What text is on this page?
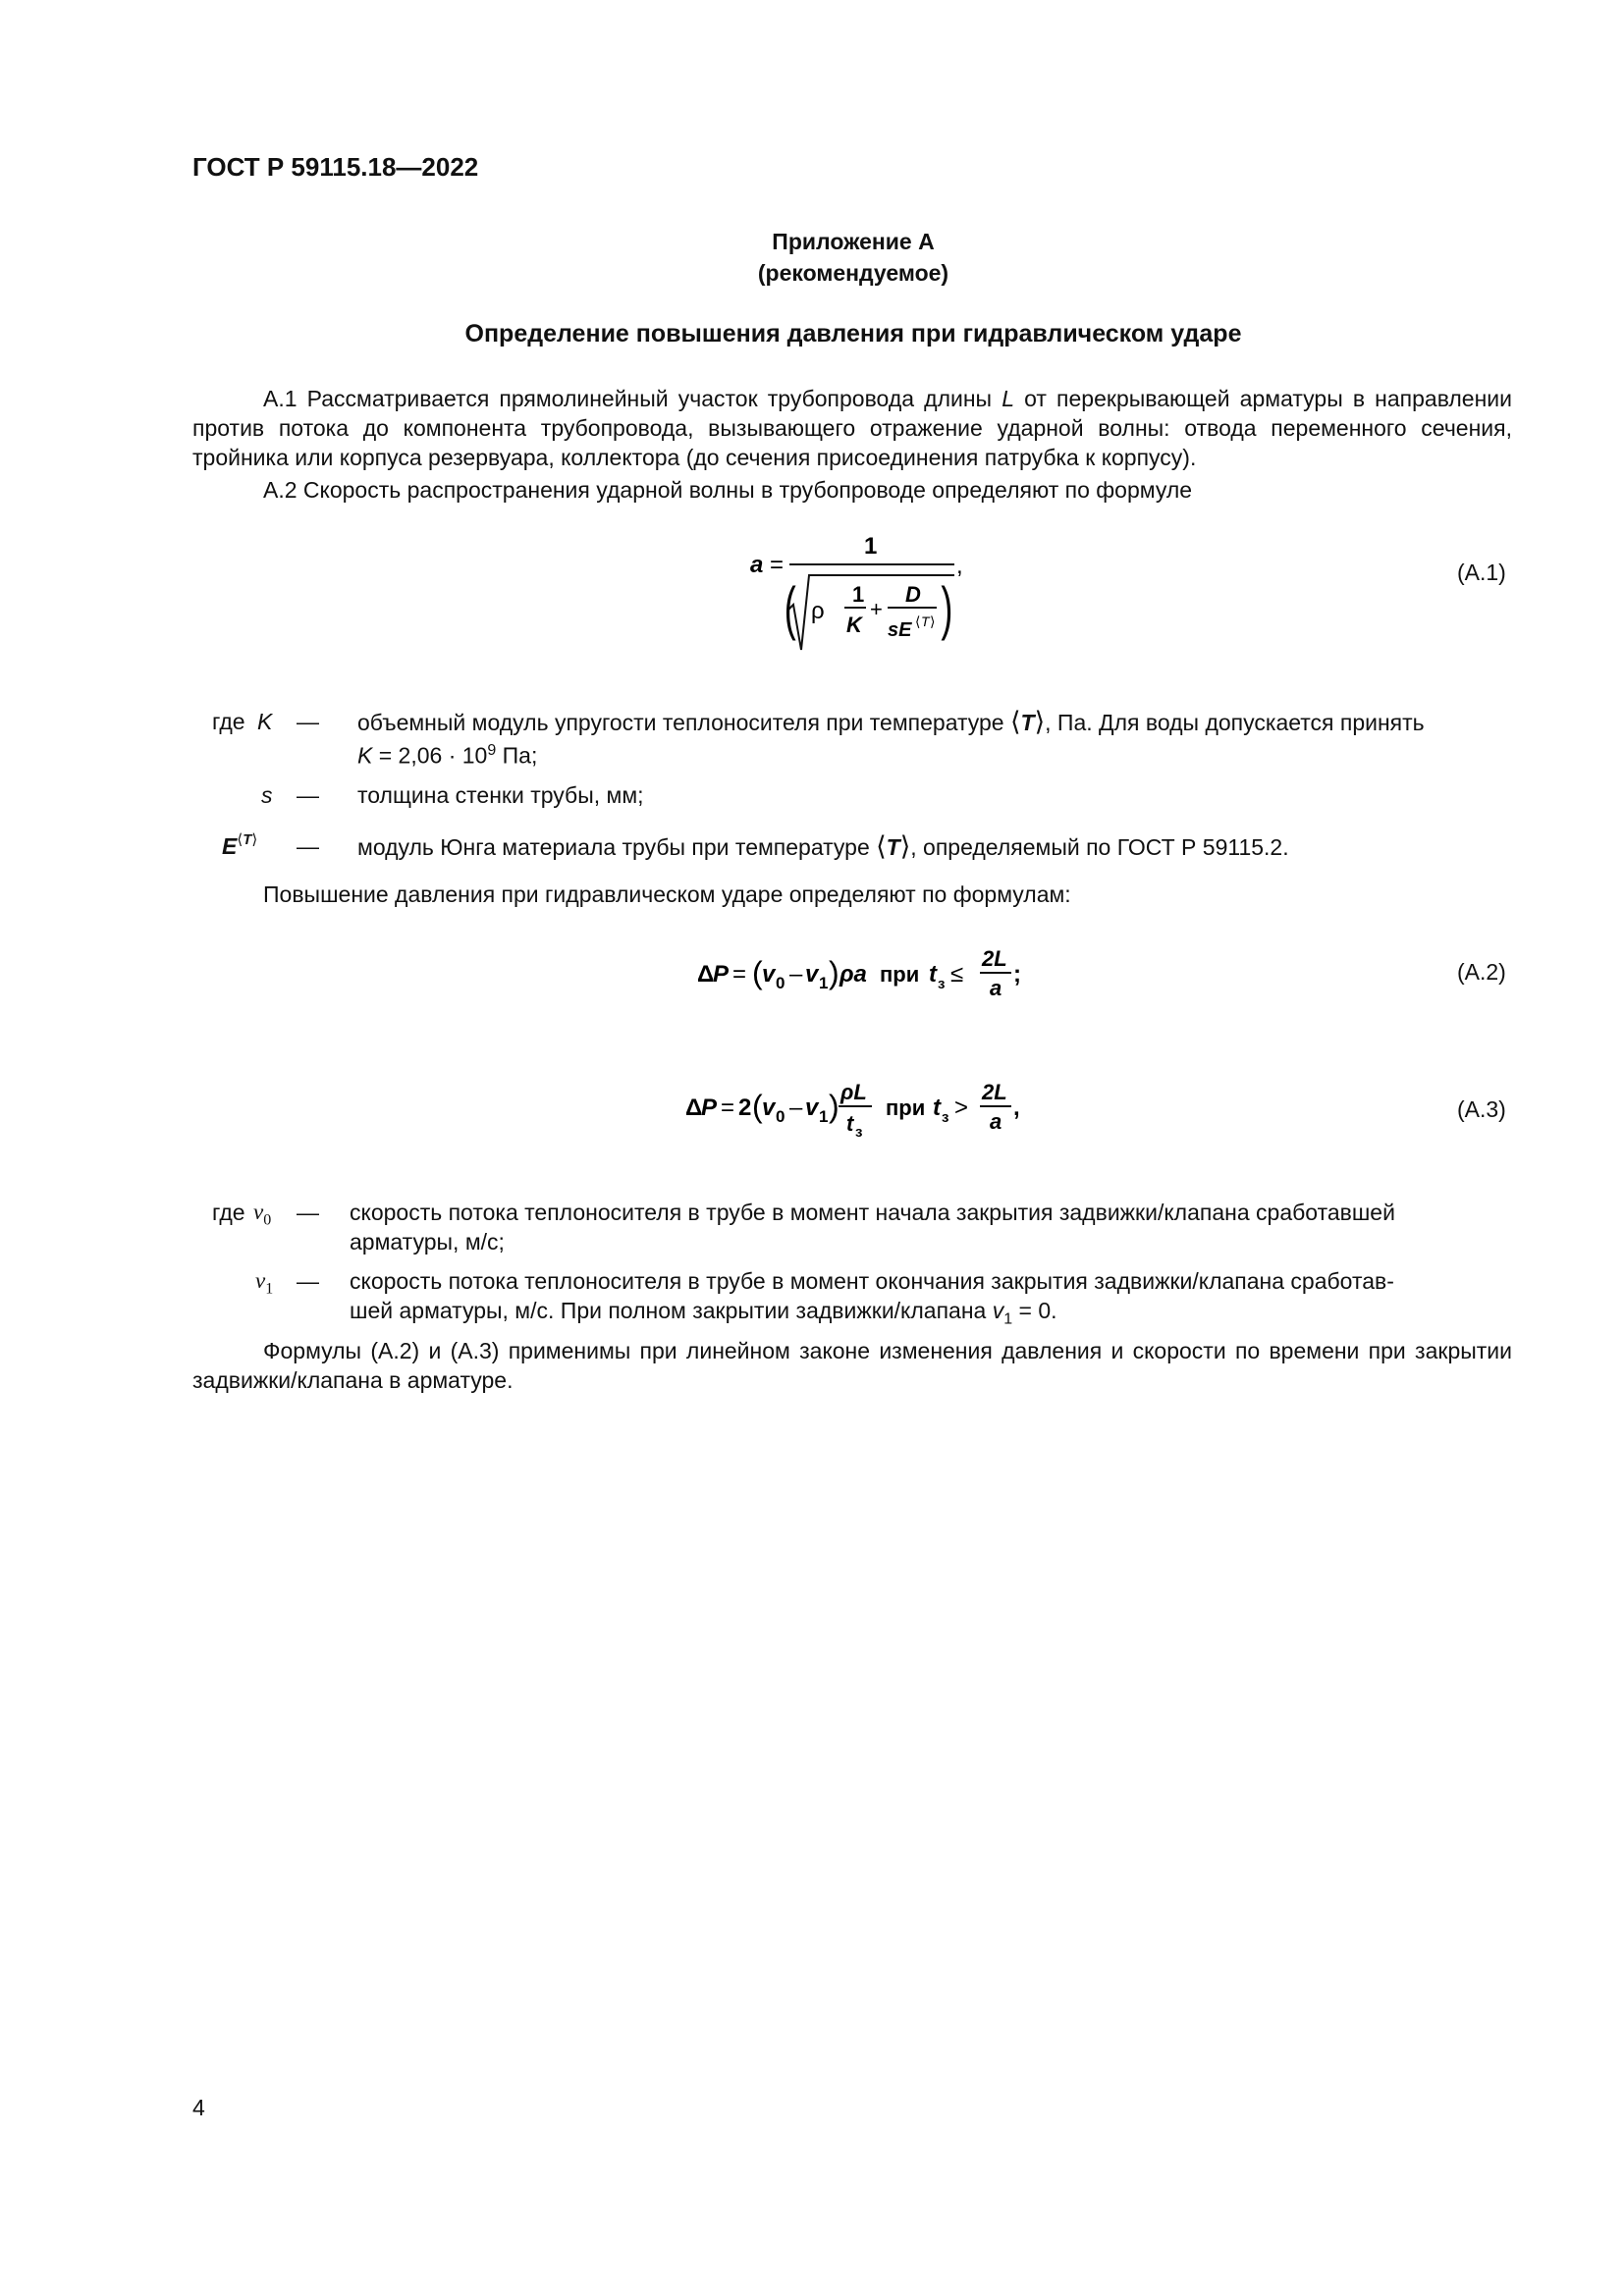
ГОСТ Р 59115.18—2022
Приложение А
(рекомендуемое)
Определение повышения давления при гидравлическом ударе
А.1 Рассматривается прямолинейный участок трубопровода длины L от перекрывающей арматуры в направлении против потока до компонента трубопровода, вызывающего отражение ударной волны: отвода переменного сечения, тройника или корпуса резервуара, коллектора (до сечения присоединения патрубка к корпусу).
А.2 Скорость распространения ударной волны в трубопроводе определяют по формуле
a =
1
ρ
(	1
K
+
D
sE ⟨ T ⟩ )
,	(А.1)
где K — объемный модуль упругости теплоносителя при температуре ⟨T⟩, Па. Для воды допускается принять
$K = 2,06 \cdot 10^9$ Па;
s — толщина стенки трубы, мм;
$E^{⟨T⟩}$ — модуль Юнга материала трубы при температуре ⟨T⟩, определяемый по ГОСТ Р 59115.2.
Повышение давления при гидравлическом ударе определяют по формулам:
Δ
P = ( v 0 – v 1 ) ρa при t з ≤
2L
a
;	(А.2)
Δ
P = 2 ( v 0 – v 1 ) ρL
t з
при t з >
2L
a
,	(А.3)
где $v_0$ — скорость потока теплоносителя в трубе в момент начала закрытия задвижки/клапана сработавшей
арматуры, м/с;
$v_1$ — скорость потока теплоносителя в трубе в момент окончания закрытия задвижки/клапана сработав-
шей арматуры, м/с. При полном закрытии задвижки/клапана $v_1 = 0$.
Формулы (А.2) и (А.3) применимы при линейном законе изменения давления и скорости по времени при закрытии задвижки/клапана в арматуре.
4
